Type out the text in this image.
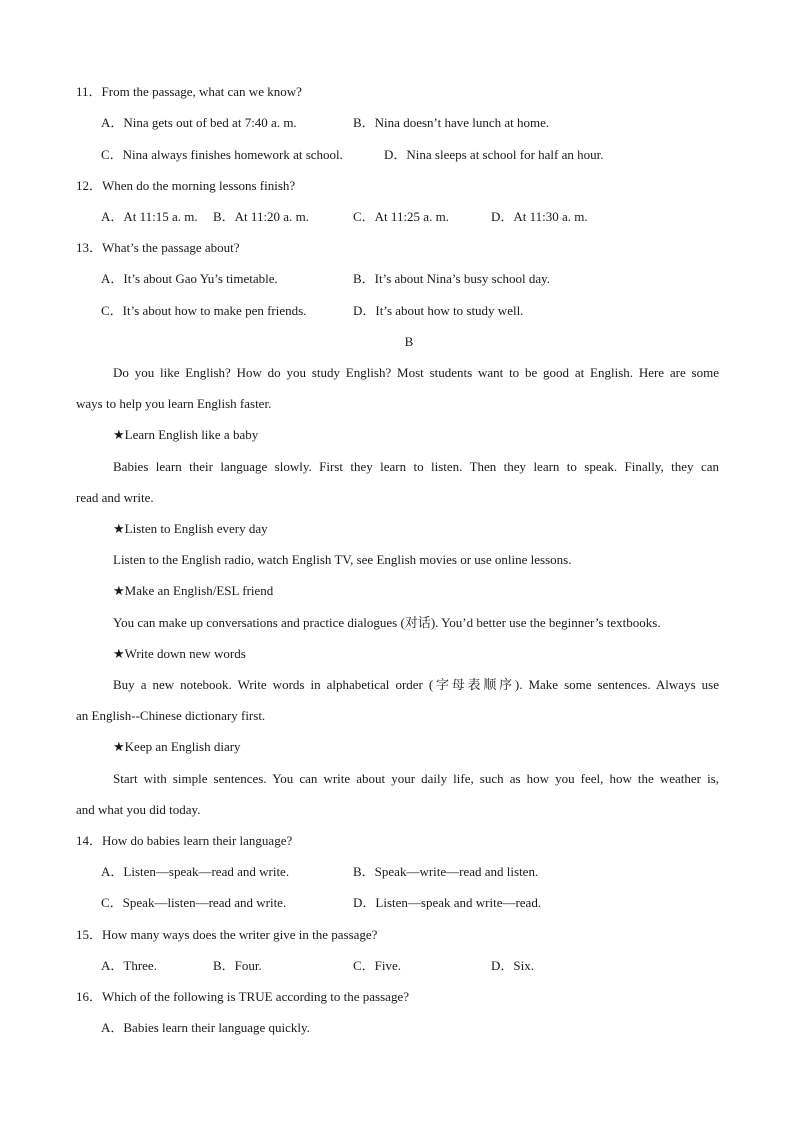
11．From the passage, what can we know?
A．Nina gets out of bed at 7:40 a. m.	B．Nina doesn’t have lunch at home.
C．Nina always finishes homework at school.	D．Nina sleeps at school for half an hour.
12．When do the morning lessons finish?
A．At 11:15 a. m. B．At 11:20 a. m.	C．At 11:25 a. m.	D．At 11:30 a. m.
13．What’s the passage about?
A．It’s about Gao Yu’s timetable.	B．It’s about Nina’s busy school day.
C．It’s about how to make pen friends.	D．It’s about how to study well.
B
Do you like English? How do you study English? Most students want to be good at English. Here are some
ways to help you learn English faster.
★Learn English like a baby
Babies learn their language slowly. First they learn to listen. Then they learn to speak. Finally, they can
read and write.
★Listen to English every day
Listen to the English radio, watch English TV, see English movies or use online lessons.
★Make an English/ESL friend
You can make up conversations and practice dialogues (对话). You’d better use the beginner’s textbooks.
★Write down new words
Buy a new notebook. Write words in alphabetical order (字母表顺序). Make some sentences. Always use
an English--Chinese dictionary first.
★Keep an English diary
Start with simple sentences. You can write about your daily life, such as how you feel, how the weather is,
and what you did today.
14．How do babies learn their language?
A．Listen—speak—read and write.	B．Speak—write—read and listen.
C．Speak—listen—read and write.	D．Listen—speak and write—read.
15．How many ways does the writer give in the passage?
A．Three.	B．Four.	C．Five.	D．Six.
16．Which of the following is TRUE according to the passage?
A．Babies learn their language quickly.
